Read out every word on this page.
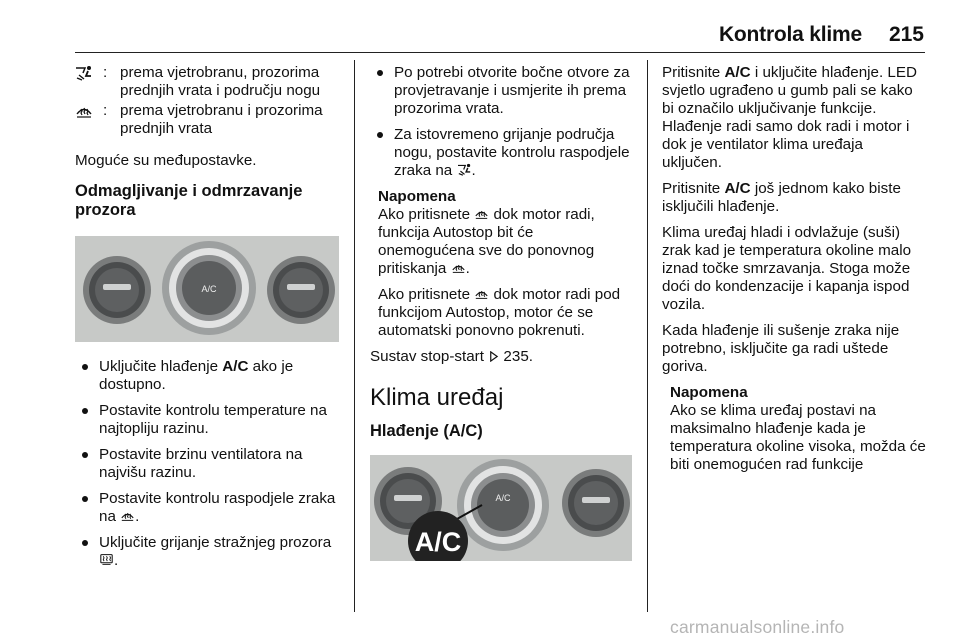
Kontrola klime 215
: prema vjetrobranu, prozorima prednjih vrata i području nogu
: prema vjetrobranu i prozorima prednjih vrata

Moguće su međupostavke.

Odmagljivanje i odmrzavanje prozora
A/C
Uključite hlađenje A/C ako je dostupno.
Postavite kontrolu temperature na najtopliju razinu.
Postavite brzinu ventilatora na najvišu razinu.
Postavite kontrolu raspodjele zraka na .
Uključite grijanje stražnjeg prozora .
Po potrebi otvorite bočne otvore za provjetravanje i usmjerite ih prema prozorima vrata.
Za istovremeno grijanje područja nogu, postavite kontrolu raspodjele zraka na .
Napomena

Ako pritisnete dok motor radi, funkcija Autostop bit će onemogućena sve do ponovnog pritiskanja .

Ako pritisnete dok motor radi pod funkcijom Autostop, motor će se automatski ponovno pokrenuti.

Sustav stop-start 235.

Klima uređaj
Hlađenje (A/C)
A/C
A/C

Pritisnite A/C i uključite hlađenje. LED svjetlo ugrađeno u gumb pali se kako bi označilo uključivanje funkcije. Hlađenje radi samo dok radi i motor i dok je ventilator klima uređaja uključen.

Pritisnite A/C još jednom kako biste isključili hlađenje.

Klima uređaj hladi i odvlažuje (suši) zrak kad je temperatura okoline malo iznad točke smrzavanja. Stoga može doći do kondenzacije i kapanja ispod vozila.

Kada hlađenje ili sušenje zraka nije potrebno, isključite ga radi uštede goriva.

Napomena

Ako se klima uređaj postavi na maksimalno hlađenje kada je temperatura okoline visoka, možda će biti onemogućen rad funkcije

carmanualsonline.info
